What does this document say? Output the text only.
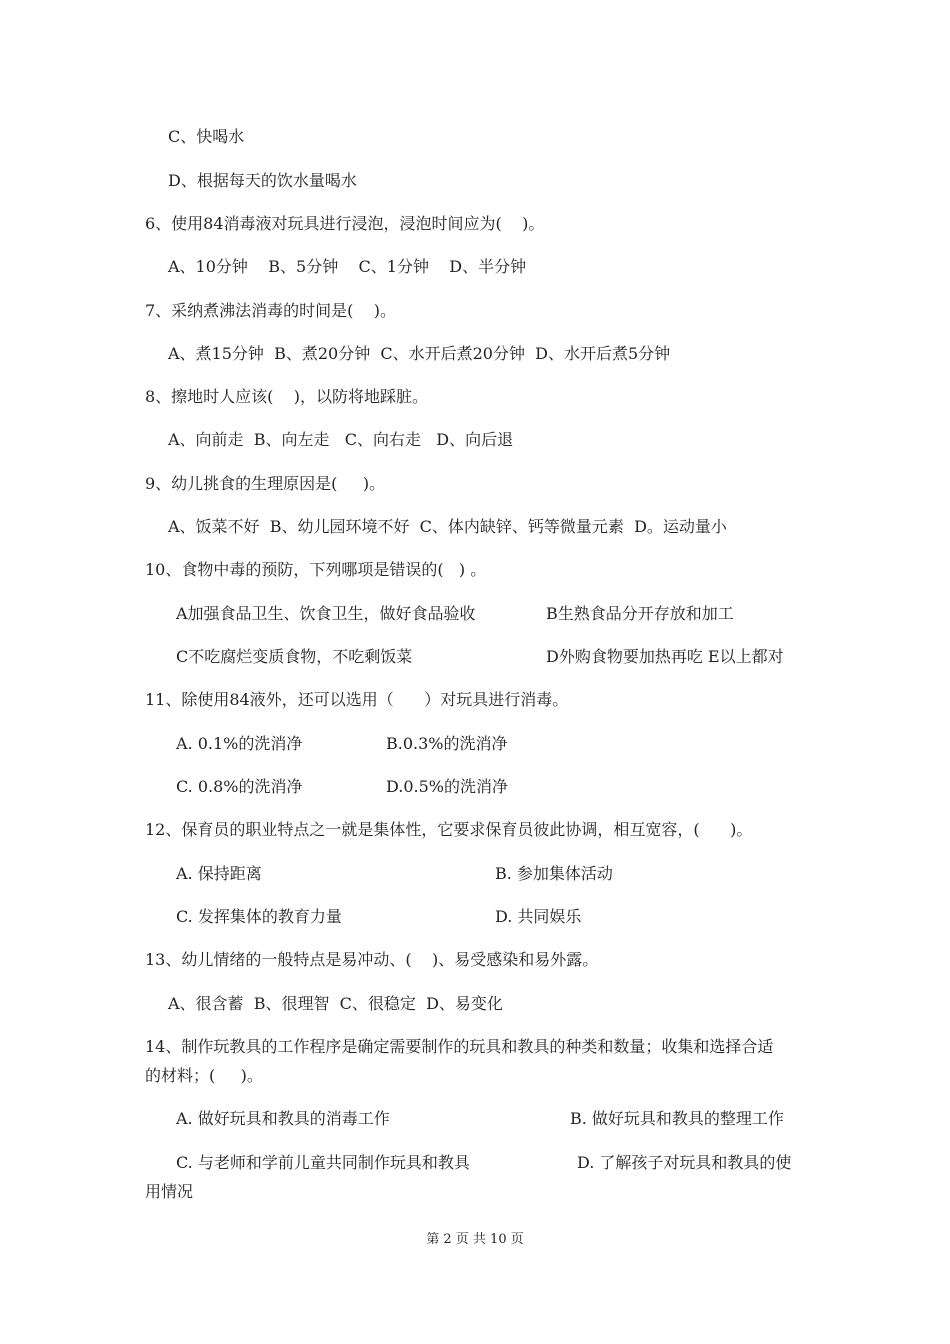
C、快喝水
D、根据每天的饮水量喝水
6、使用84消毒液对玩具进行浸泡，浸泡时间应为(    )。
A、10分钟    B、5分钟    C、1分钟    D、半分钟
7、采纳煮沸法消毒的时间是(    )。
A、煮15分钟  B、煮20分钟  C、水开后煮20分钟  D、水开后煮5分钟
8、擦地时人应该(    )，以防将地踩脏。
A、向前走  B、向左走   C、向右走   D、向后退
9、幼儿挑食的生理原因是(     )。
A、饭菜不好  B、幼儿园环境不好  C、体内缺锌、钙等微量元素  D。运动量小
10、食物中毒的预防，下列哪项是错误的(   ) 。
A加强食品卫生、饮食卫生，做好食品验收	B生熟食品分开存放和加工
C不吃腐烂变质食物，不吃剩饭菜	D外购食物要加热再吃 E以上都对
11、除使用84液外，还可以选用（      ）对玩具进行消毒。
A. 0.1%的洗消净	B.0.3%的洗消净
C. 0.8%的洗消净	D.0.5%的洗消净
12、保育员的职业特点之一就是集体性，它要求保育员彼此协调，相互宽容，(      )。
A. 保持距离	B. 参加集体活动
C. 发挥集体的教育力量	D. 共同娱乐
13、幼儿情绪的一般特点是易冲动、(    )、易受感染和易外露。
A、很含蓄  B、很理智  C、很稳定  D、易变化
14、制作玩教具的工作程序是确定需要制作的玩具和教具的种类和数量；收集和选择合适
的材料；(     )。
A. 做好玩具和教具的消毒工作	B. 做好玩具和教具的整理工作
C. 与老师和学前儿童共同制作玩具和教具	D. 了解孩子对玩具和教具的使
用情况
第 2 页 共 10 页
